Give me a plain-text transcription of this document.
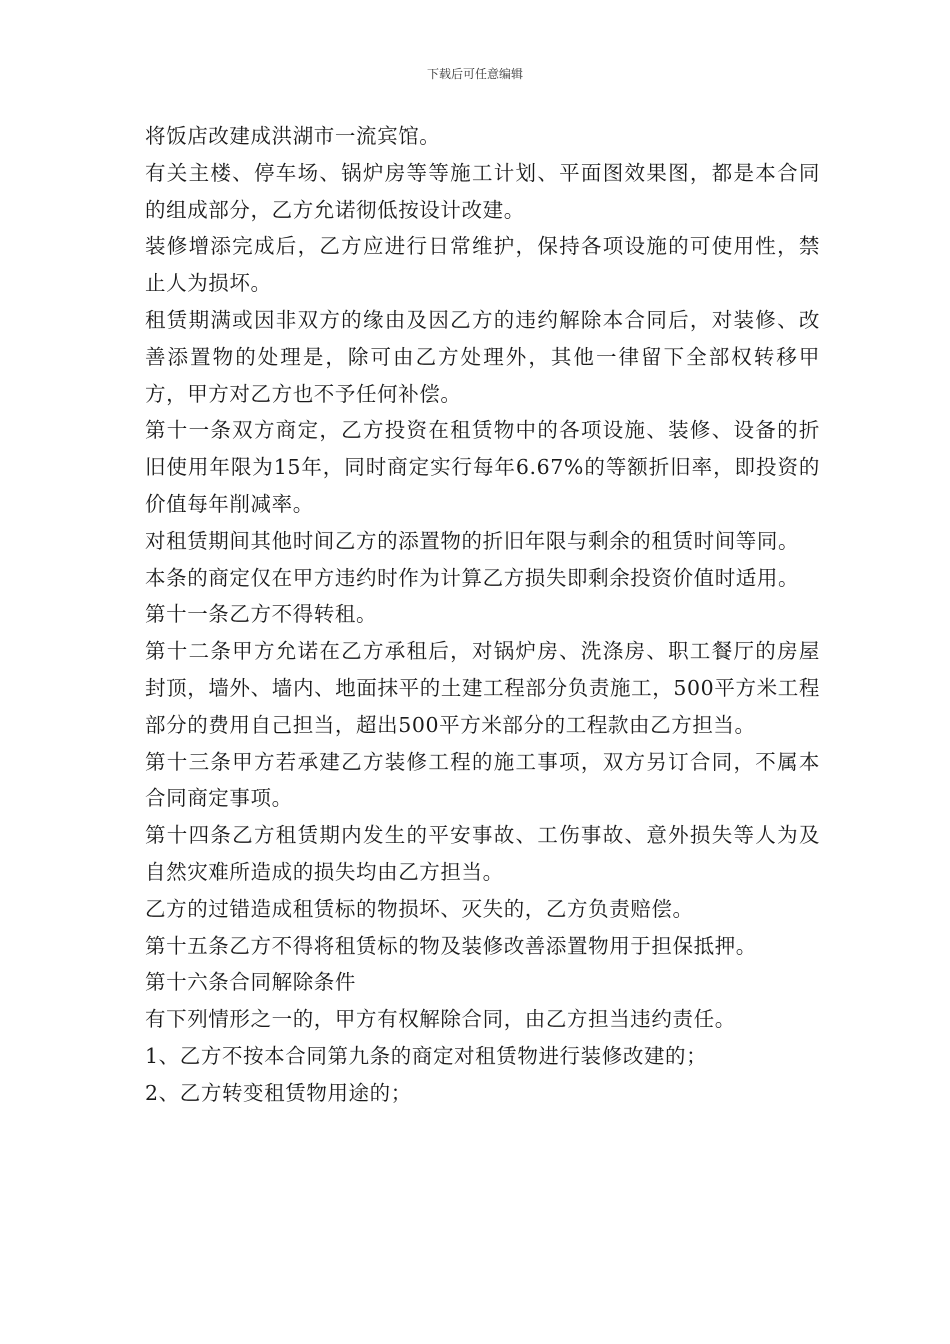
下载后可任意编辑

将饭店改建成洪湖市一流宾馆。

有关主楼、停车场、锅炉房等等施工计划、平面图效果图，都是本合同的组成部分，乙方允诺彻低按设计改建。

装修增添完成后，乙方应进行日常维护，保持各项设施的可使用性，禁止人为损坏。

租赁期满或因非双方的缘由及因乙方的违约解除本合同后，对装修、改善添置物的处理是，除可由乙方处理外，其他一律留下全部权转移甲方，甲方对乙方也不予任何补偿。

第十一条双方商定，乙方投资在租赁物中的各项设施、装修、设备的折旧使用年限为15年，同时商定实行每年6.67%的等额折旧率，即投资的价值每年削减率。

对租赁期间其他时间乙方的添置物的折旧年限与剩余的租赁时间等同。

本条的商定仅在甲方违约时作为计算乙方损失即剩余投资价值时适用。

第十一条乙方不得转租。

第十二条甲方允诺在乙方承租后，对锅炉房、洗涤房、职工餐厅的房屋封顶，墙外、墙内、地面抹平的土建工程部分负责施工，500平方米工程部分的费用自己担当，超出500平方米部分的工程款由乙方担当。

第十三条甲方若承建乙方装修工程的施工事项，双方另订合同，不属本合同商定事项。

第十四条乙方租赁期内发生的平安事故、工伤事故、意外损失等人为及自然灾难所造成的损失均由乙方担当。

乙方的过错造成租赁标的物损坏、灭失的，乙方负责赔偿。

第十五条乙方不得将租赁标的物及装修改善添置物用于担保抵押。

第十六条合同解除条件

有下列情形之一的，甲方有权解除合同，由乙方担当违约责任。

1、乙方不按本合同第九条的商定对租赁物进行装修改建的；

2、乙方转变租赁物用途的；
